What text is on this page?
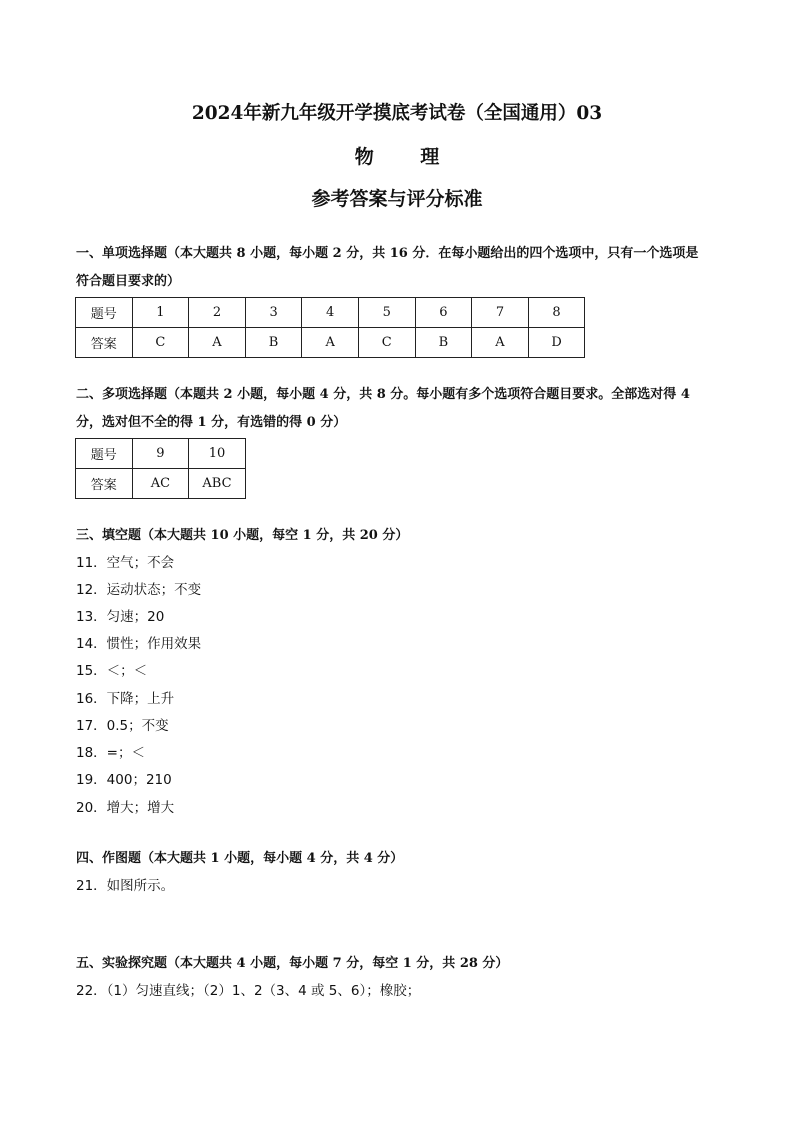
2024年新九年级开学摸底考试卷（全国通用）03
物 理
参考答案与评分标准
一、单项选择题（本大题共 8 小题，每小题 2 分，共 16 分．在每小题给出的四个选项中，只有一个选项是
符合题目要求的）
题号	1	2	3	4	5	6	7	8
答案	C	A	B	A	C	B	A	D
二、多项选择题（本题共 2 小题，每小题 4 分，共 8 分。每小题有多个选项符合题目要求。全部选对得 4
分，选对但不全的得 1 分，有选错的得 0 分）
题号	9	10
答案	AC	ABC
三、填空题（本大题共 10 小题，每空 1 分，共 20 分）
11．空气；不会
12．运动状态；不变
13．匀速；20
14．惯性；作用效果
15．＜；＜
16．下降；上升
17．0.5；不变
18．=；＜
19．400；210
20．增大；增大
四、作图题（本大题共 1 小题，每小题 4 分，共 4 分）
21．如图所示。
五、实验探究题（本大题共 4 小题，每小题 7 分，每空 1 分，共 28 分）
22．（1）匀速直线；（2）1、2（3、4 或 5、6）；橡胶；
